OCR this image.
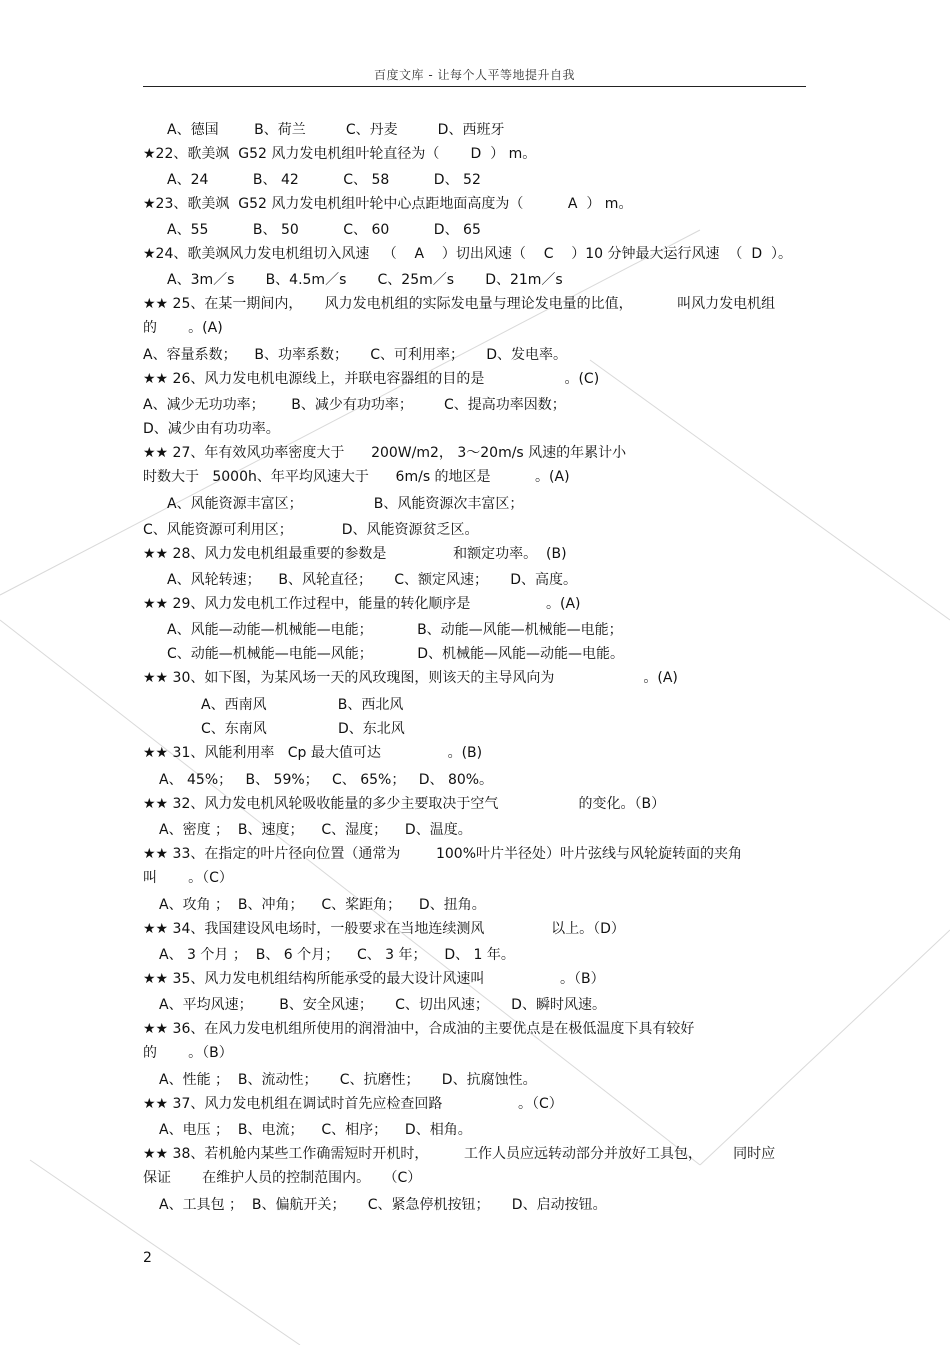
百度文库 - 让每个人平等地提升自我
A、德国        B、荷兰         C、丹麦         D、西班牙
★22、歌美飒  G52 风力发电机组叶轮直径为（       D  ） m。
A、24          B、 42          C、 58          D、 52
★23、歌美飒  G52 风力发电机组叶轮中心点距地面高度为（          A  ） m。
A、55          B、 50          C、 60          D、 65
★24、歌美飒风力发电机组切入风速   （    A    ）切出风速（    C    ）10 分钟最大运行风速  （  D  ）。
A、3m／s       B、4.5m／s       C、25m／s       D、21m／s
★★ 25、在某一期间内，     风力发电机组的实际发电量与理论发电量的比值，          叫风力发电机组
的       。(A)
A、容量系数；    B、功率系数；     C、可利用率；     D、发电率。
★★ 26、风力发电机电源线上，并联电容器组的目的是                  。(C)
A、减少无功功率；      B、减少有功功率；       C、提高功率因数；
D、减少由有功功率。
★★ 27、年有效风功率密度大于      200W/m2， 3～20m/s 风速的年累计小
时数大于   5000h、年平均风速大于      6m/s 的地区是          。(A)
A、风能资源丰富区；                B、风能资源次丰富区；
C、风能资源可利用区；           D、风能资源贫乏区。
★★ 28、风力发电机组最重要的参数是               和额定功率。  (B)
A、风轮转速；    B、风轮直径；     C、额定风速；     D、高度。
★★ 29、风力发电机工作过程中，能量的转化顺序是                 。(A)
A、风能—动能—机械能—电能；          B、动能—风能—机械能—电能；
C、动能—机械能—电能—风能；          D、机械能—风能—动能—电能。
★★ 30、如下图，为某风场一天的风玫瑰图，则该天的主导风向为                    。(A)
A、西南风                B、西北风
C、东南风                D、东北风
★★ 31、风能利用率   Cp 最大值可达               。(B)
A、 45%；   B、 59%；   C、 65%；   D、 80%。
★★ 32、风力发电机风轮吸收能量的多少主要取决于空气                  的变化。（B）
A、密度 ；  B、速度；    C、湿度；    D、温度。
★★ 33、在指定的叶片径向位置（通常为        100%叶片半径处）叶片弦线与风轮旋转面的夹角
叫       。（C）
A、攻角 ；  B、冲角；    C、桨距角；    D、扭角。
★★ 34、我国建设风电场时，一般要求在当地连续测风               以上。（D）
A、 3 个月 ；  B、 6 个月；    C、 3 年；    D、 1 年。
★★ 35、风力发电机组结构所能承受的最大设计风速叫                 。（B）
A、平均风速；      B、安全风速；     C、切出风速；     D、瞬时风速。
★★ 36、在风力发电机组所使用的润滑油中，合成油的主要优点是在极低温度下具有较好
的       。（B）
A、性能 ；  B、流动性；     C、抗磨性；     D、抗腐蚀性。
★★ 37、风力发电机组在调试时首先应检查回路                 。（C）
A、电压 ；  B、电流；    C、相序；    D、相角。
★★ 38、若机舱内某些工作确需短时开机时，        工作人员应远转动部分并放好工具包，       同时应
保证       在维护人员的控制范围内。   （C）
A、工具包 ；  B、偏航开关；     C、紧急停机按钮；     D、启动按钮。
2
